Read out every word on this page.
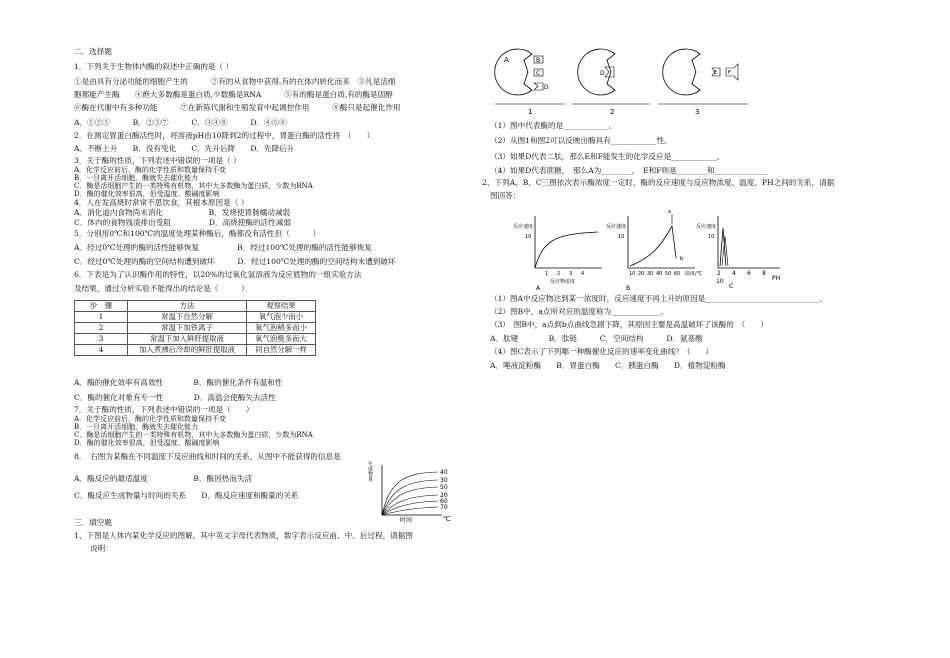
二．选择题
1．下列关于生物体内酶的叙述中正确的是（ ）
①是由具有分泌功能的细胞产生的　　　②有的从食物中获得,有的在体内转化而来　③凡是活细
胞都能产生酶　　④绝大多数酶是蛋白质,少数酶是RNA　　　⑤有的酶是蛋白质,有的酶是固醇
⑥酶在代谢中有多种功能　　　⑦在新陈代谢和生殖发育中起调控作用　　　⑧酶只是起催化作用
A．①②⑤　　　B．②③⑦　　　C．③④⑧　　　D．④⑤⑥
2．在测定胃蛋白酶活性时，将溶液pH由10降到2的过程中，胃蛋白酶的活性将　（　　）
A．不断上升　　B．没有变化　　C．先升后降　　D．先降后升
3．关于酶的性质，下列表述中错误的一项是（ ）
A．化学反应前后，酶的化学性质和数量保持不变
B．一旦离开活细胞，酶就失去催化能力
C．酶是活细胞产生的一类特殊有机物，其中大多数酶为蛋白质，少数为RNA
D．酶的催化效率很高，但受温度、酸碱度影响
4．人在发高烧时常常不思饮食，其根本原因是（ ）
A．消化道内食物尚未消化　　　　　　B．发烧使胃肠蠕动减弱
C．体内的食物残渣排出受阻　　　　　D．高烧使酶的活性减弱
5．分别用0℃和100℃的温度处理某种酶后，酶都没有活性但（　　　）
A．经过0℃处理的酶的活性能够恢复　　　　　B．经过100℃处理的酶的活性能够恢复
C．经过0℃处理的酶的空间结构遭到破坏　　　D．经过100℃处理的酶的空间结构未遭到破坏
6．下表是为了认识酶作用的特性，以20%的过氧化氢溶液为反应底物的一组实验方法
及结果，通过分析实验不能得出的结论是（　　　）
步　骤	方法	观察结果
1	常温下自然分解	氧气泡少而小
2	常温下加铁离子	氧气泡稍多而小
3	常温下加入鲜肝提取液	氧气泡极多而大
4	加入煮沸后冷却的鲜肝提取液	同自然分解一样
A．酶的催化效率有高效性　　　　B．酶的催化条件有温和性
C．酶的催化对象有专一性　　　　D．高温会使酶失去活性
7．关于酶的性质，下列表述中错误的一项是（　　）
A．化学反应前后，酶的化学性质和数量保持不变
B．一旦离开活细胞，酶就失去催化能力
C．酶是活细胞产生的一类特殊有机物，其中大多数酶为蛋白质，少数为RNA
D．酶的催化效率很高，但受温度、酸碱度影响
8．　右图为某酶在不同温度下反应曲线和时间的关系，从图中不能获得的信息是
A．酶反应的最适温度　　　　　　B．酶因热而失活
C．酶反应生成物量与时间的关系　　D．酶反应速度和酶量的关系
生成物量
时间
40
30
50
20
60
70
℃
三．填空题
1、下图是人体内某化学反应的图解，其中英文字母代表物质，数字表示反应前、中、后过程，请据图
说明：
A	B
C
D
1
D
2
E F
3
（1）图中代表酶的是____________。
（2）从图1和图2可以反映出酶具有____________性。
（3）如果D代表二肽，那么E和F能发生的化学反应是____________。
（4）如果D代表蔗糖，　那么A为________，　E和F则是________和______________
2、下列A、B、C三图依次表示酶浓度一定时，酶的反应速度与反应物浓度、温度、PH之间的关系，请据
图回答：
反应速度
10
1 2 3 4
反应物浓度
A
反应速度
10
a
b
10 20 30 40 50 60 温度/℃
B
反应速度
10
2 4 6 8
10	PH
C
（1）图A中反应物达到某一浓度时，反应速度不再上升的原因是______________________________。
（2）图B中，a点所对应的温度称为_____________。
（3）　图B中，a点到b点曲线急剧下降，其原因主要是高温破坏了该酶的　（　　）
A．肽键　　　　B．肽链　　　C．空间结构　　　D．氨基酸
（4）图C表示了下列哪一种酶催化反应的速率变化曲线？（　　）
A．唾液淀粉酶　　B．胃蛋白酶　　C．胰蛋白酶　　D．植物淀粉酶
